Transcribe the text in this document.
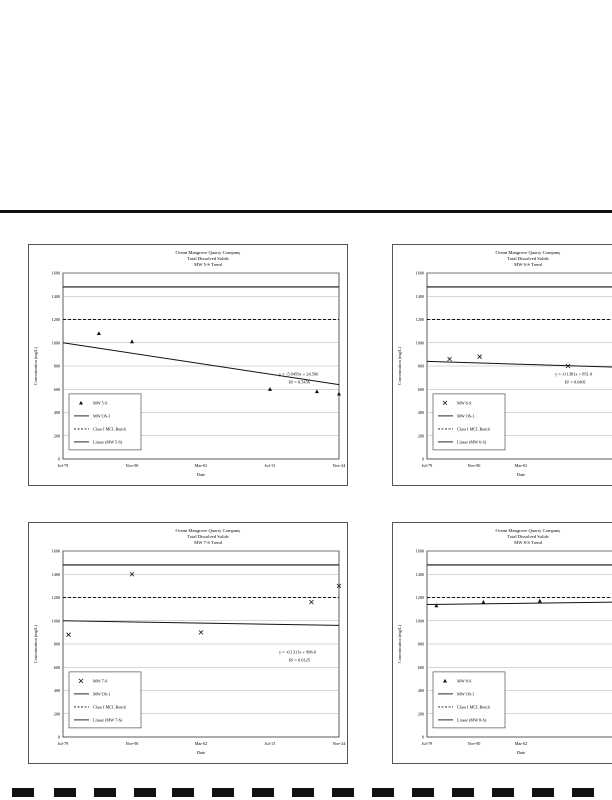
Ocean Mangrove Quarry Company
Total Dissolved Solids
MW 5-S Trend
0
200
400
600
800
1000
1200
1400
1600
Jul-79	Nov-90	Mar-02	Jul-13	Nov-24
Date
Concentration (mg/L)	y = -5.0459x + 24,506
R² = 0.5456
MW 5-S
MW OS-1
Class I MCL Bench
Linear (MW 5-S)
Ocean Mangrove Quarry Company
Total Dissolved Solids
MW 6-S Trend
0
200
400
600
800
1000
1200
1400
1600
Jul-79	Nov-90	Mar-02
Date
Concentration (mg/L)	y = -0.1381x + 851.0
R² = 0.0491
MW 6-S
MW OS-1
Class I MCL Bench
Linear (MW 6-S)
Ocean Mangrove Quarry Company
Total Dissolved Solids
MW 7-S Trend
0
200
400
600
800
1000
1200
1400
1600
Jul-79	Nov-90	Mar-02	Jul-13	Nov-24
Date
Concentration (mg/L)	y = -0.1311x + 996.0
R² = 0.0125
MW 7-S
MW OS-1
Class I MCL Bench
Linear (MW 7-S)
Ocean Mangrove Quarry Company
Total Dissolved Solids
MW 8-S Trend
0
200
400
600
800
1000
1200
1400
1600
Jul-79	Nov-90	Mar-02
Date
Concentration (mg/L)
MW 8-S
MW OS-1
Class I MCL Bench
Linear (MW 8-S)
